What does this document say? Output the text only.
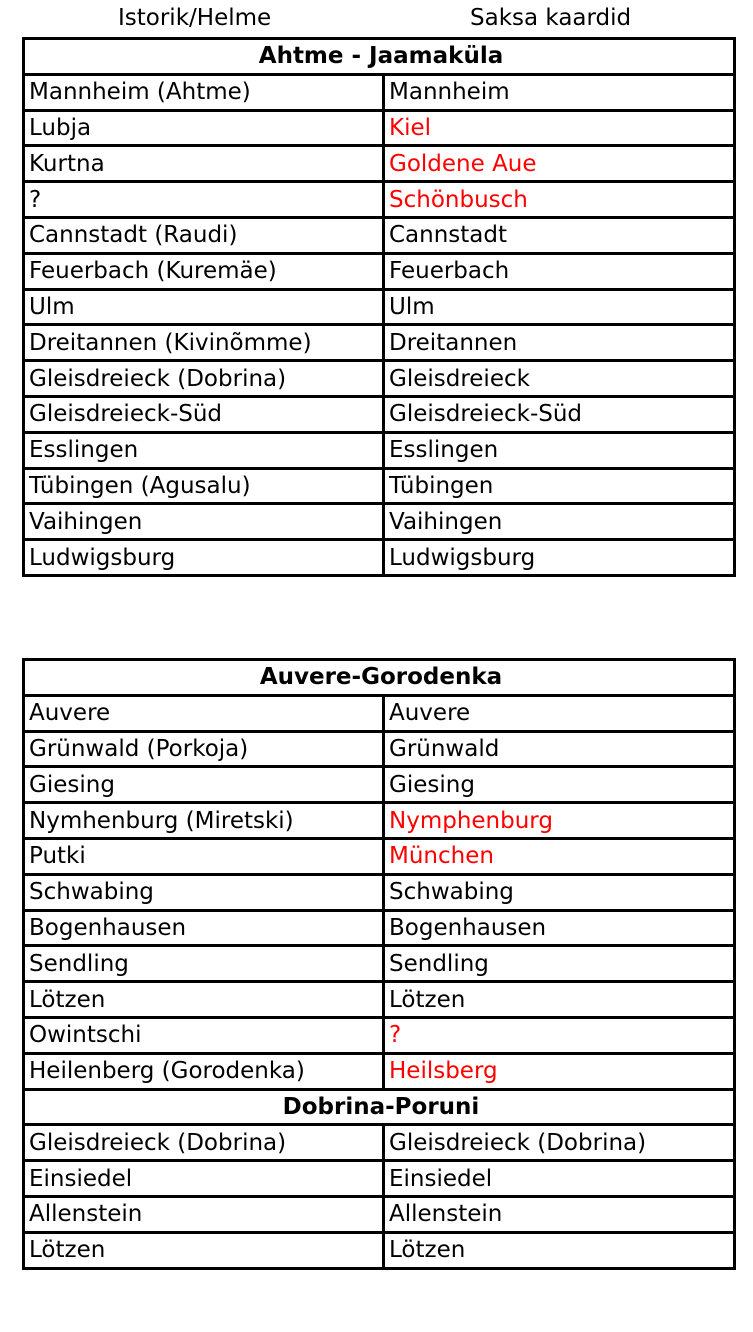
Istorik/Helme	Saksa kaardid
Ahtme - Jaamaküla	
Mannheim (Ahtme)	Mannheim
Lubja	Kiel
Kurtna	Goldene Aue
?	Schönbusch
Cannstadt (Raudi)	Cannstadt
Feuerbach (Kuremäe)	Feuerbach
Ulm	Ulm
Dreitannen (Kivinõmme)	Dreitannen
Gleisdreieck (Dobrina)	Gleisdreieck
Gleisdreieck-Süd	Gleisdreieck-Süd
Esslingen	Esslingen
Tübingen (Agusalu)	Tübingen
Vaihingen	Vaihingen
Ludwigsburg	Ludwigsburg
Auvere-Gorodenka	
Auvere	Auvere
Grünwald (Porkoja)	Grünwald
Giesing	Giesing
Nymhenburg (Miretski)	Nymphenburg
Putki	München
Schwabing	Schwabing
Bogenhausen	Bogenhausen
Sendling	Sendling
Lötzen	Lötzen
Owintschi	?
Heilenberg (Gorodenka)	Heilsberg
Dobrina-Poruni	
Gleisdreieck (Dobrina)	Gleisdreieck (Dobrina)
Einsiedel	Einsiedel
Allenstein	Allenstein
Lötzen	Lötzen
